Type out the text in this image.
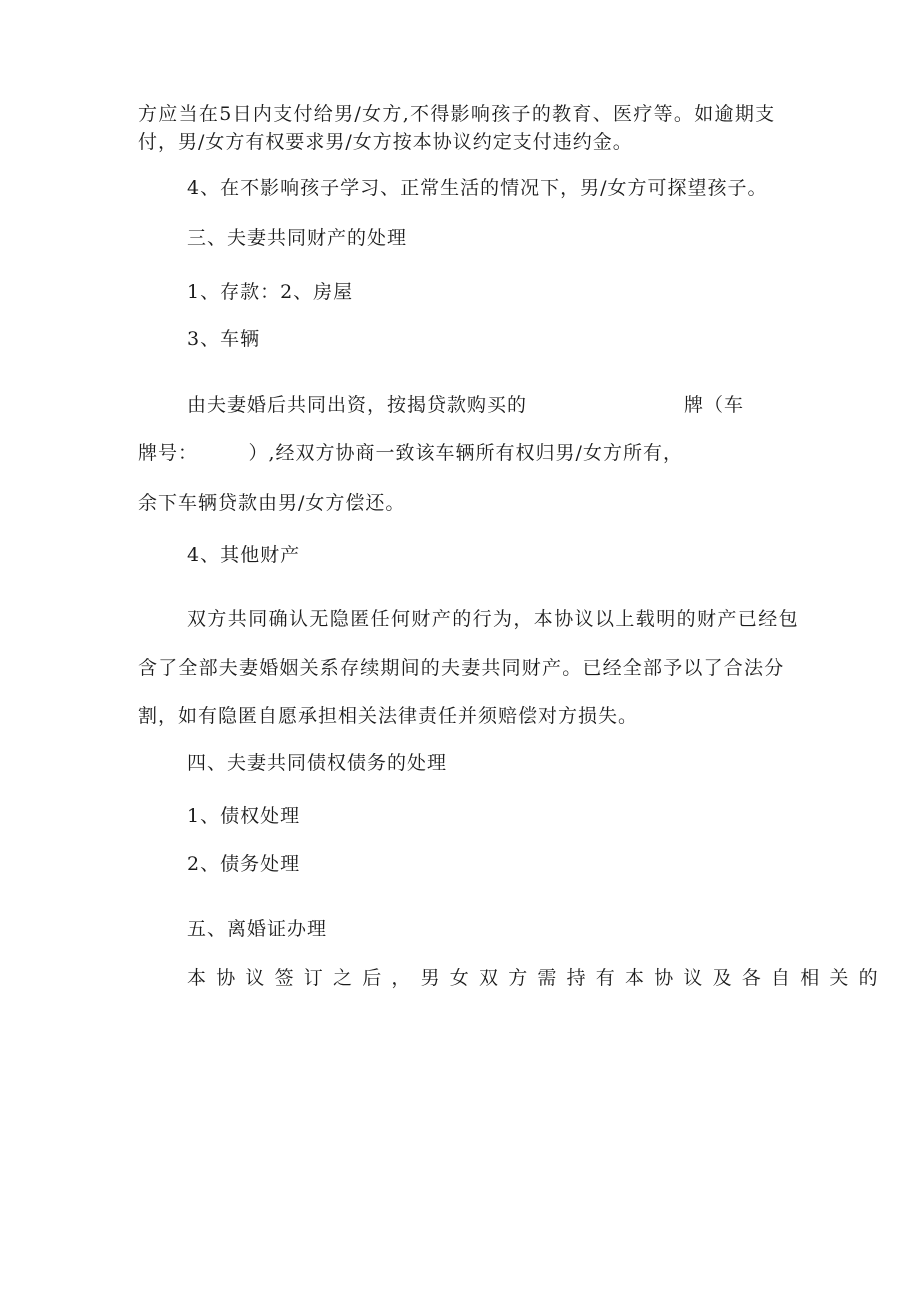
方应当在5日内支付给男/女方,不得影响孩子的教育、医疗等。如逾期支
付，男/女方有权要求男/女方按本协议约定支付违约金。
4、在不影响孩子学习、正常生活的情况下，男/女方可探望孩子。
三、夫妻共同财产的处理
1、存款：2、房屋
3、车辆
由夫妻婚后共同出资，按揭贷款购买的	牌（车
牌号：　　　）,经双方协商一致该车辆所有权归男/女方所有，
余下车辆贷款由男/女方偿还。
4、其他财产
双方共同确认无隐匿任何财产的行为，本协议以上载明的财产已经包
含了全部夫妻婚姻关系存续期间的夫妻共同财产。已经全部予以了合法分
割，如有隐匿自愿承担相关法律责任并须赔偿对方损失。
四、夫妻共同债权债务的处理
1、债权处理
2、债务处理
五、离婚证办理
本协议签订之后，男女双方需持有本协议及各自相关的
